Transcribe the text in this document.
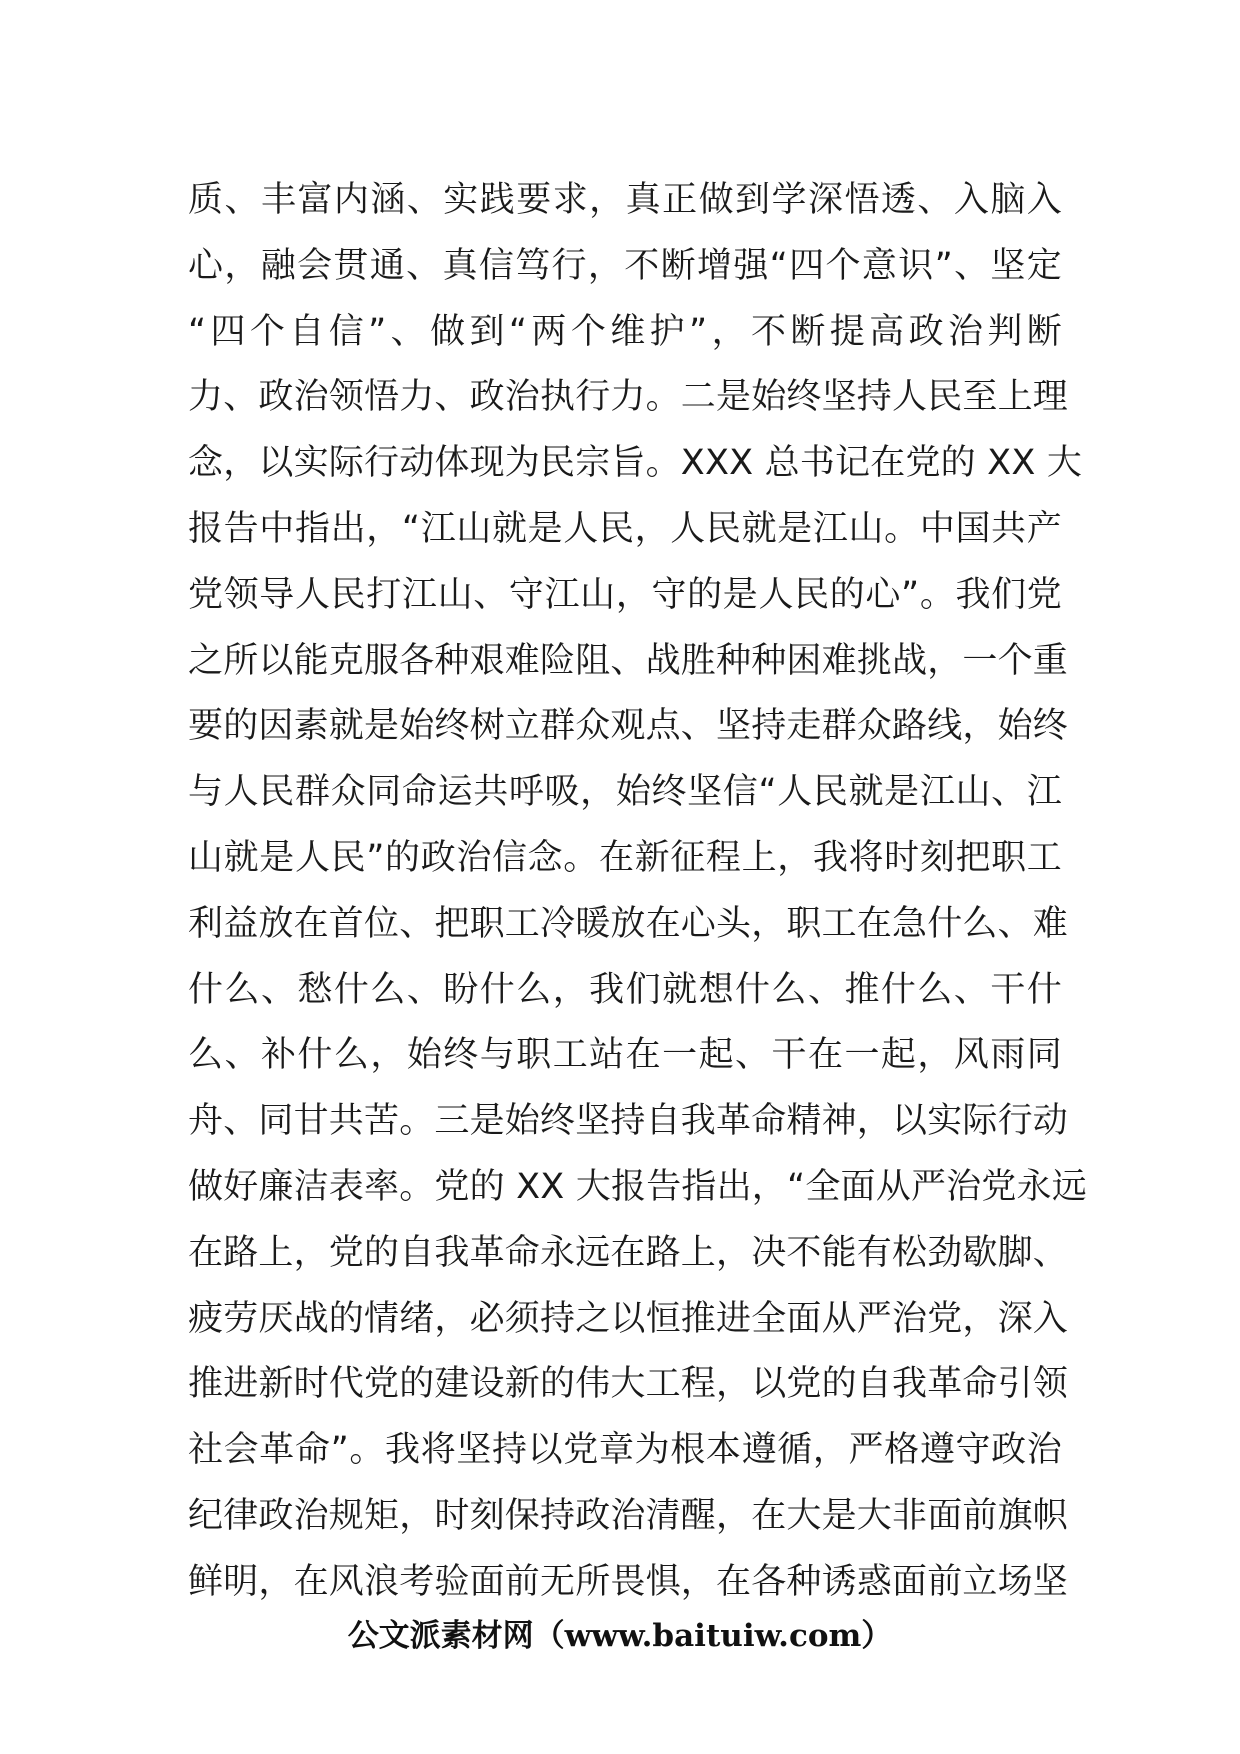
质、丰富内涵、实践要求，真正做到学深悟透、入脑入
心，融会贯通、真信笃行，不断增强“四个意识”、坚定
“四个自信”、做到“两个维护”，不断提高政治判断
力、政治领悟力、政治执行力。二是始终坚持人民至上理
念，以实际行动体现为民宗旨。XXX 总书记在党的 XX 大
报告中指出，“江山就是人民，人民就是江山。中国共产
党领导人民打江山、守江山，守的是人民的心”。我们党
之所以能克服各种艰难险阻、战胜种种困难挑战，一个重
要的因素就是始终树立群众观点、坚持走群众路线，始终
与人民群众同命运共呼吸，始终坚信“人民就是江山、江
山就是人民”的政治信念。在新征程上，我将时刻把职工
利益放在首位、把职工冷暖放在心头，职工在急什么、难
什么、愁什么、盼什么，我们就想什么、推什么、干什
么、补什么，始终与职工站在一起、干在一起，风雨同
舟、同甘共苦。三是始终坚持自我革命精神，以实际行动
做好廉洁表率。党的 XX 大报告指出，“全面从严治党永远
在路上，党的自我革命永远在路上，决不能有松劲歇脚、
疲劳厌战的情绪，必须持之以恒推进全面从严治党，深入
推进新时代党的建设新的伟大工程，以党的自我革命引领
社会革命”。我将坚持以党章为根本遵循，严格遵守政治
纪律政治规矩，时刻保持政治清醒，在大是大非面前旗帜
鲜明，在风浪考验面前无所畏惧，在各种诱惑面前立场坚
公文派素材网（www.baituiw.com）
